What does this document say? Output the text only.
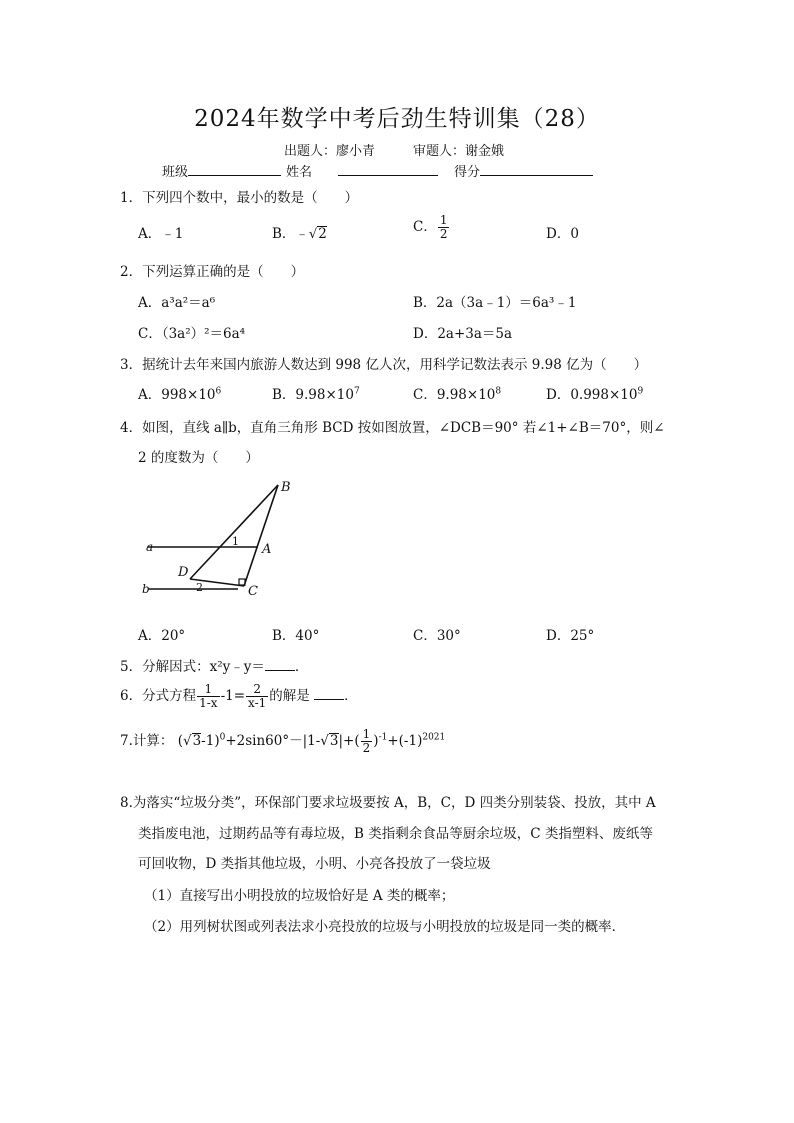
2024年数学中考后劲生特训集（28）
出题人：廖小青	审题人：谢金娥
班级	姓名	得分
1．下列四个数中，最小的数是（　　）
A．﹣1	B．﹣√2	C． $\frac{1}{2}$	D．0
2．下列运算正确的是（　　）
A．a³a²＝a⁶	B．2a（3a﹣1）＝6a³﹣1
C．（3a²）²＝6a⁴	D．2a+3a＝5a
3．据统计去年来国内旅游人数达到 998 亿人次，用科学记数法表示 9.98 亿为（　　）
A．$998\times 10^6$	B．$9.98\times 10^7$	C．$9.98\times 10^8$	D．$0.998\times 10^9$
4．如图，直线 a∥b，直角三角形 BCD 按如图放置，∠DCB＝90° 若∠1+∠B＝70°，则∠
2 的度数为（　　）
B
a	A
1
D
2
b	C
A．20°	B．40°	C．30°	D．25°
5．分解因式：x²y﹣y＝ ．
6．分式方程 $\frac{1}{1-x} -1= \frac{2}{x-1}$ 的解是	．
7.计算： $(√3-1)^0+2\sin 60^\circ-|1-√3|+( \frac{1}{2} )^{-1}+(-1)^{2021}$
8.为落实“垃圾分类”，环保部门要求垃圾要按 A，B，C，D 四类分别装袋、投放，其中 A
类指废电池，过期药品等有毒垃圾，B 类指剩余食品等厨余垃圾，C 类指塑料、废纸等
可回收物，D 类指其他垃圾，小明、小亮各投放了一袋垃圾
（1）直接写出小明投放的垃圾恰好是 A 类的概率；
（2）用列树状图或列表法求小亮投放的垃圾与小明投放的垃圾是同一类的概率．
